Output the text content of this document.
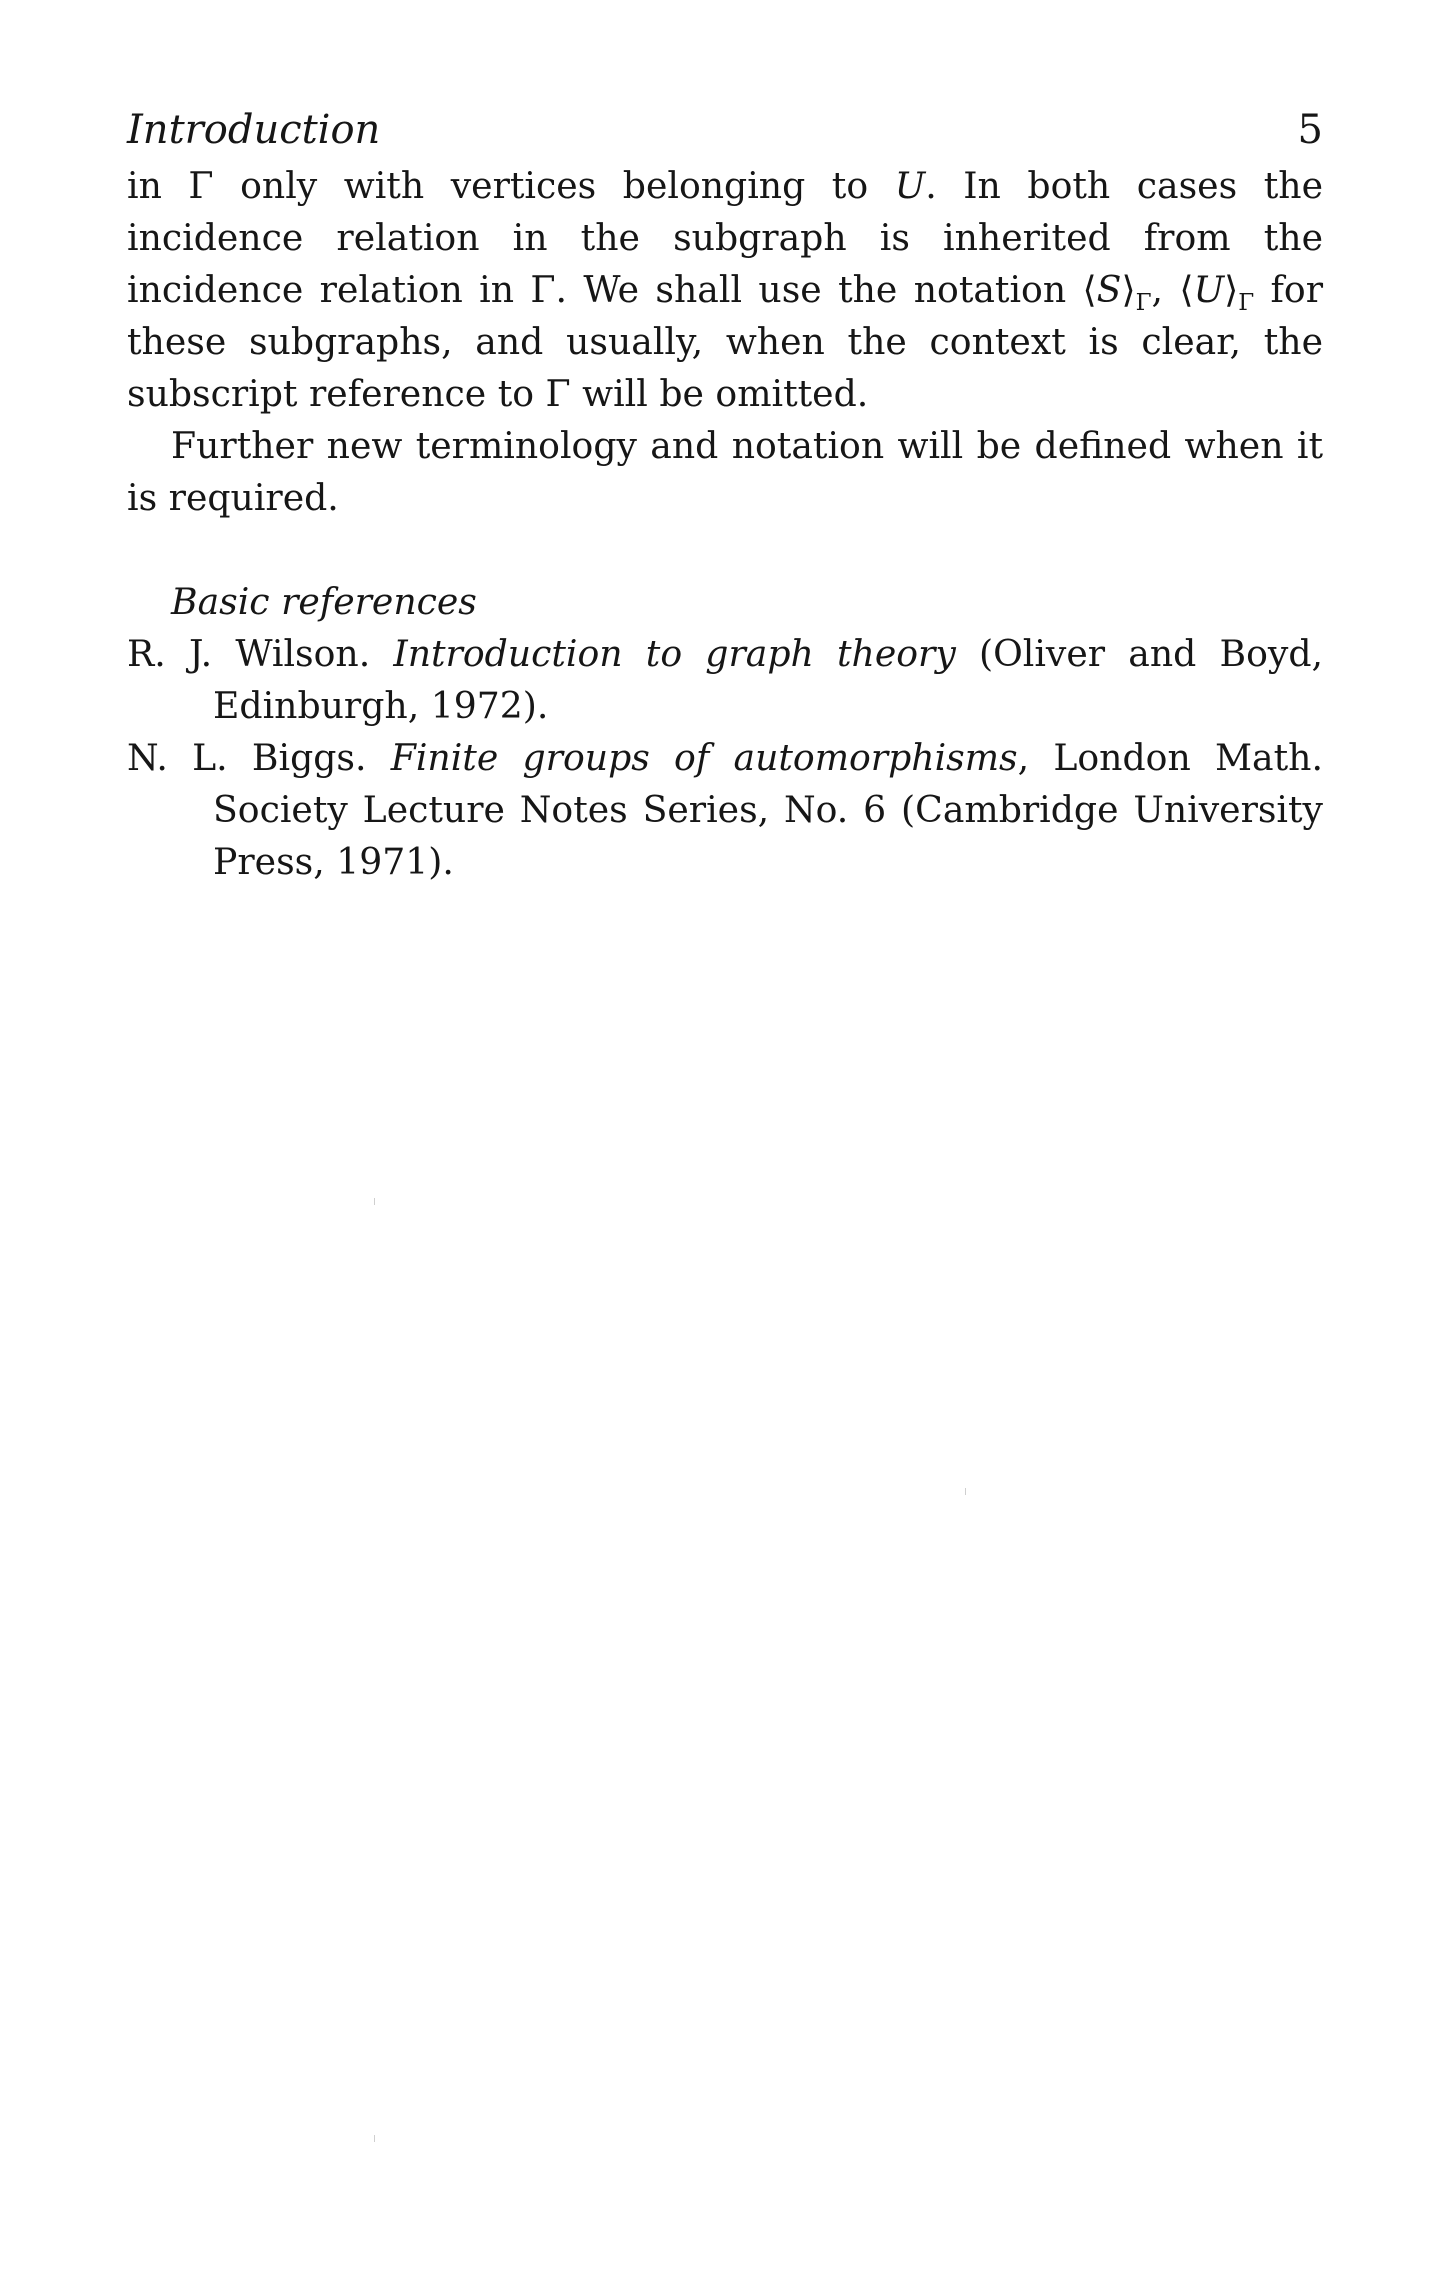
Introduction	5

in Γ only with vertices belonging to U. In both cases the incidence relation in the subgraph is inherited from the incidence relation in Γ. We shall use the notation $⟨S⟩_\Gamma$, $⟨U⟩_\Gamma$ for these subgraphs, and usually, when the context is clear, the subscript reference to Γ will be omitted.

Further new terminology and notation will be defined when it is required.

Basic references

R. J. Wilson. Introduction to graph theory (Oliver and Boyd, Edinburgh, 1972).

N. L. Biggs. Finite groups of automorphisms, London Math. Society Lecture Notes Series, No. 6 (Cambridge University Press, 1971).
